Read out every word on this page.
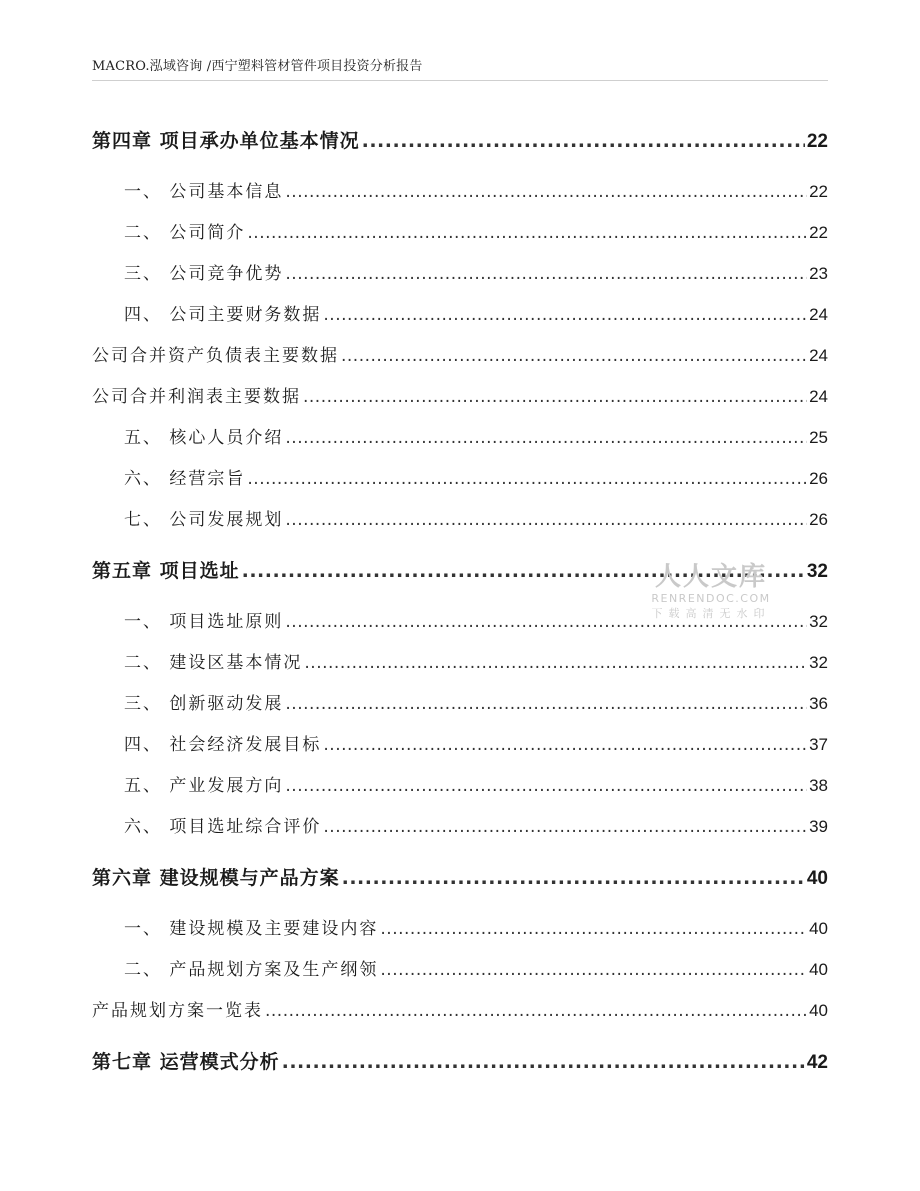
MACRO.泓域咨询 /西宁塑料管材管件项目投资分析报告
第四章 项目承办单位基本情况 .....	22
一、 公司基本信息 .....	22
二、 公司简介 .....	22
三、 公司竞争优势 .....	23
四、 公司主要财务数据 .....	24
公司合并资产负债表主要数据 .....	24
公司合并利润表主要数据 .....	24
五、 核心人员介绍 .....	25
六、 经营宗旨 .....	26
七、 公司发展规划 .....	26
第五章 项目选址 .....	32
一、 项目选址原则 .....	32
二、 建设区基本情况 .....	32
三、 创新驱动发展 .....	36
四、 社会经济发展目标 .....	37
五、 产业发展方向 .....	38
六、 项目选址综合评价 .....	39
第六章 建设规模与产品方案 .....	40
一、 建设规模及主要建设内容 .....	40
二、 产品规划方案及生产纲领 .....	40
产品规划方案一览表 .....	40
第七章 运营模式分析 .....	42
人人文库
RENRENDOC.COM
下载高清无水印
